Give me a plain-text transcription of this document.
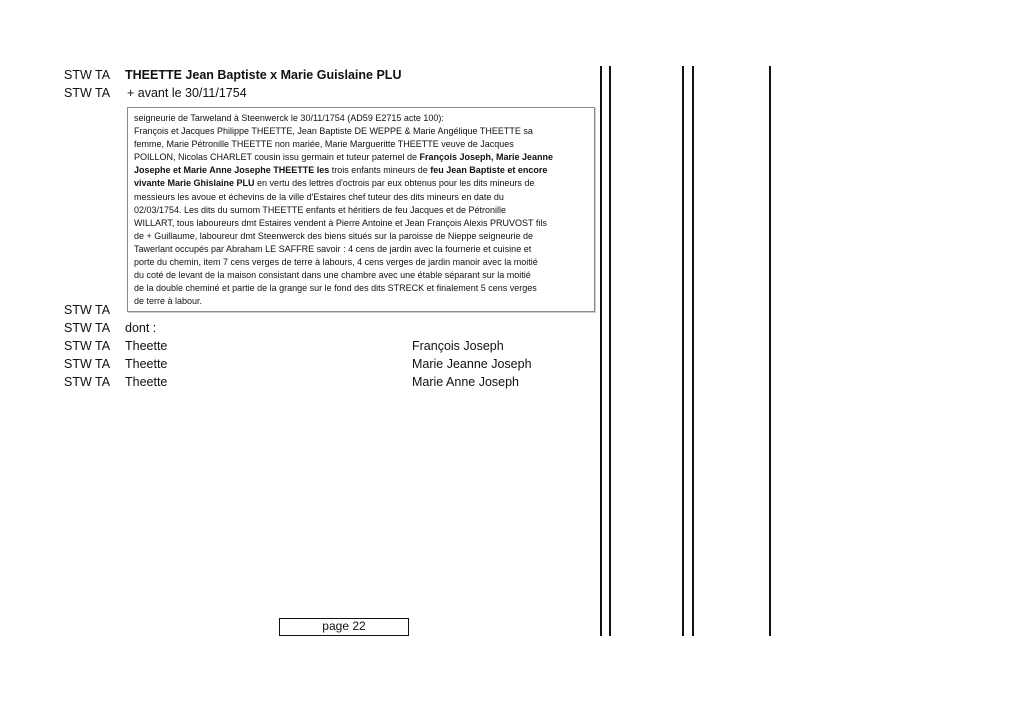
STW TA THEETTE Jean Baptiste x Marie Guislaine PLU
STW TA + avant le 30/11/1754
STW TA
STW TA dont :
STW TA Theette	François Joseph
STW TA Theette	Marie Jeanne Joseph
STW TA Theette	Marie Anne Joseph
seigneurie de Tarweland à Steenwerck le 30/11/1754 (AD59 E2715 acte 100):
François et Jacques Philippe THEETTE, Jean Baptiste DE WEPPE & Marie Angélique THEETTE sa
femme, Marie Pétronille THEETTE non mariée, Marie Margueritte THEETTE veuve de Jacques
POILLON, Nicolas CHARLET cousin issu germain et tuteur paternel de François Joseph, Marie Jeanne
Josephe et Marie Anne Josephe THEETTE les trois enfants mineurs de feu Jean Baptiste et encore
vivante Marie Ghislaine PLU en vertu des lettres d'octrois par eux obtenus pour les dits mineurs de
messieurs les avoue et échevins de la ville d'Estaires chef tuteur des dits mineurs en date du
02/03/1754. Les dits du surnom THEETTE enfants et héritiers de feu Jacques et de Pétronille
WILLART, tous laboureurs dmt Estaires vendent à Pierre Antoine et Jean François Alexis PRUVOST fils
de + Guillaume, laboureur dmt Steenwerck des biens situés sur la paroisse de Nieppe seigneurie de
Tawerlant occupés par Abraham LE SAFFRE savoir : 4 cens de jardin avec la fournerie et cuisine et
porte du chemin, item 7 cens verges de terre à labours, 4 cens verges de jardin manoir avec la moitié
du coté de levant de la maison consistant dans une chambre avec une étable séparant sur la moitié
de la double cheminé et partie de la grange sur le fond des dits STRECK et finalement 5 cens verges
de terre à labour.
page 22
